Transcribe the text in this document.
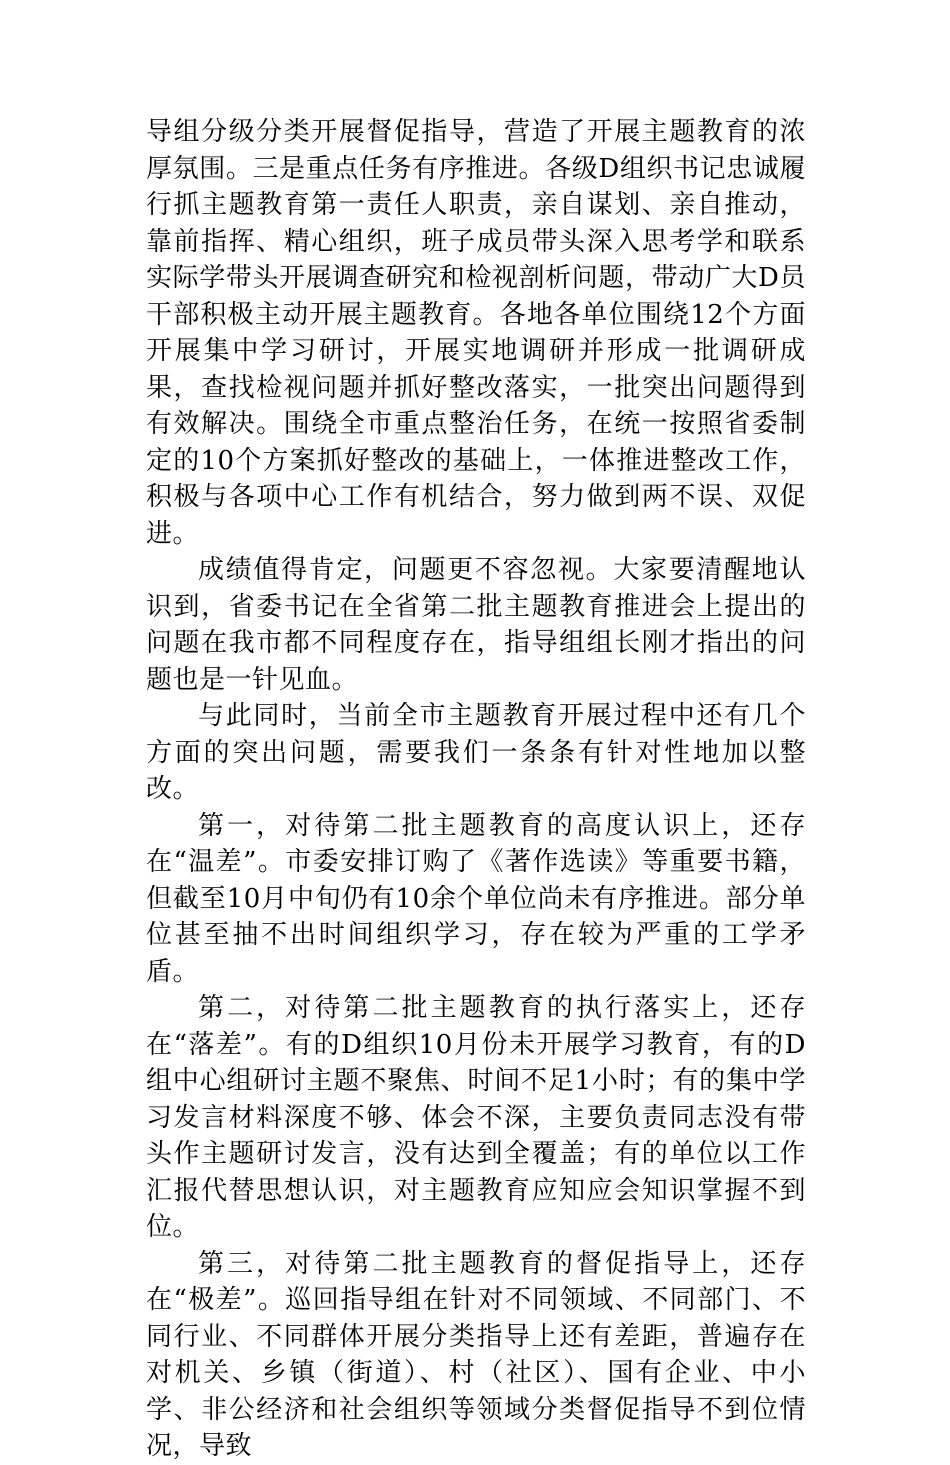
导组分级分类开展督促指导，营造了开展主题教育的浓厚氛围。三是重点任务有序推进。各级D组织书记忠诚履行抓主题教育第一责任人职责，亲自谋划、亲自推动，靠前指挥、精心组织，班子成员带头深入思考学和联系实际学带头开展调查研究和检视剖析问题，带动广大D员干部积极主动开展主题教育。各地各单位围绕12个方面开展集中学习研讨，开展实地调研并形成一批调研成果，查找检视问题并抓好整改落实，一批突出问题得到有效解决。围绕全市重点整治任务，在统一按照省委制定的10个方案抓好整改的基础上，一体推进整改工作，积极与各项中心工作有机结合，努力做到两不误、双促进。

成绩值得肯定，问题更不容忽视。大家要清醒地认识到，省委书记在全省第二批主题教育推进会上提出的问题在我市都不同程度存在，指导组组长刚才指出的问题也是一针见血。

与此同时，当前全市主题教育开展过程中还有几个方面的突出问题，需要我们一条条有针对性地加以整改。

第一，对待第二批主题教育的高度认识上，还存在“温差”。市委安排订购了《著作选读》等重要书籍，但截至10月中旬仍有10余个单位尚未有序推进。部分单位甚至抽不出时间组织学习，存在较为严重的工学矛盾。

第二，对待第二批主题教育的执行落实上，还存在“落差”。有的D组织10月份未开展学习教育，有的D组中心组研讨主题不聚焦、时间不足1小时；有的集中学习发言材料深度不够、体会不深，主要负责同志没有带头作主题研讨发言，没有达到全覆盖；有的单位以工作汇报代替思想认识，对主题教育应知应会知识掌握不到位。

第三，对待第二批主题教育的督促指导上，还存在“极差”。巡回指导组在针对不同领域、不同部门、不同行业、不同群体开展分类指导上还有差距，普遍存在对机关、乡镇（街道）、村（社区）、国有企业、中小学、非公经济和社会组织等领域分类督促指导不到位情况，导致
